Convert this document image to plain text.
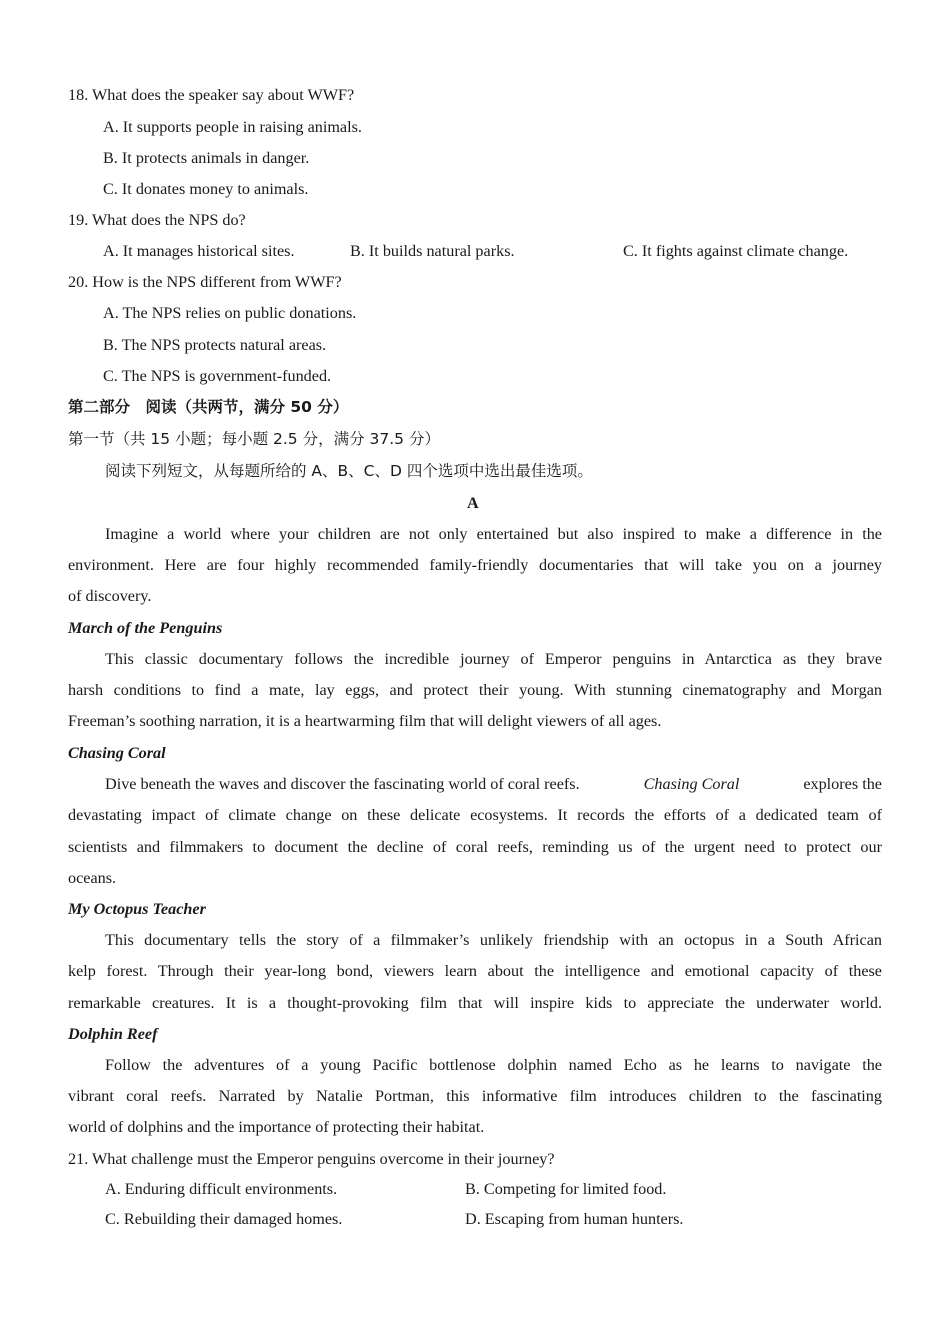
18. What does the speaker say about WWF?
A. It supports people in raising animals.
B. It protects animals in danger.
C. It donates money to animals.
19. What does the NPS do?
A. It manages historical sites.	B. It builds natural parks.	C. It fights against climate change.
20. How is the NPS different from WWF?
A. The NPS relies on public donations.
B. The NPS protects natural areas.
C. The NPS is government-funded.
第二部分　阅读（共两节，满分 50 分）
第一节（共 15 小题；每小题 2.5 分，满分 37.5 分）
阅读下列短文，从每题所给的 A、B、C、D 四个选项中选出最佳选项。
A
Imagine a world where your children are not only entertained but also inspired to make a difference in the
environment. Here are four highly recommended family-friendly documentaries that will take you on a journey
of discovery.
March of the Penguins
This classic documentary follows the incredible journey of Emperor penguins in Antarctica as they brave
harsh conditions to find a mate, lay eggs, and protect their young. With stunning cinematography and Morgan
Freeman’s soothing narration, it is a heartwarming film that will delight viewers of all ages.
Chasing Coral
Dive beneath the waves and discover the fascinating world of coral reefs.	Chasing Coral	explores the
devastating impact of climate change on these delicate ecosystems. It records the efforts of a dedicated team of
scientists and filmmakers to document the decline of coral reefs, reminding us of the urgent need to protect our
oceans.
My Octopus Teacher
This documentary tells the story of a filmmaker’s unlikely friendship with an octopus in a South African
kelp forest. Through their year-long bond, viewers learn about the intelligence and emotional capacity of these
remarkable creatures. It is a thought-provoking film that will inspire kids to appreciate the underwater world.
Dolphin Reef
Follow the adventures of a young Pacific bottlenose dolphin named Echo as he learns to navigate the
vibrant coral reefs. Narrated by Natalie Portman, this informative film introduces children to the fascinating
world of dolphins and the importance of protecting their habitat.
21. What challenge must the Emperor penguins overcome in their journey?
A. Enduring difficult environments.	B. Competing for limited food.
C. Rebuilding their damaged homes.	D. Escaping from human hunters.
